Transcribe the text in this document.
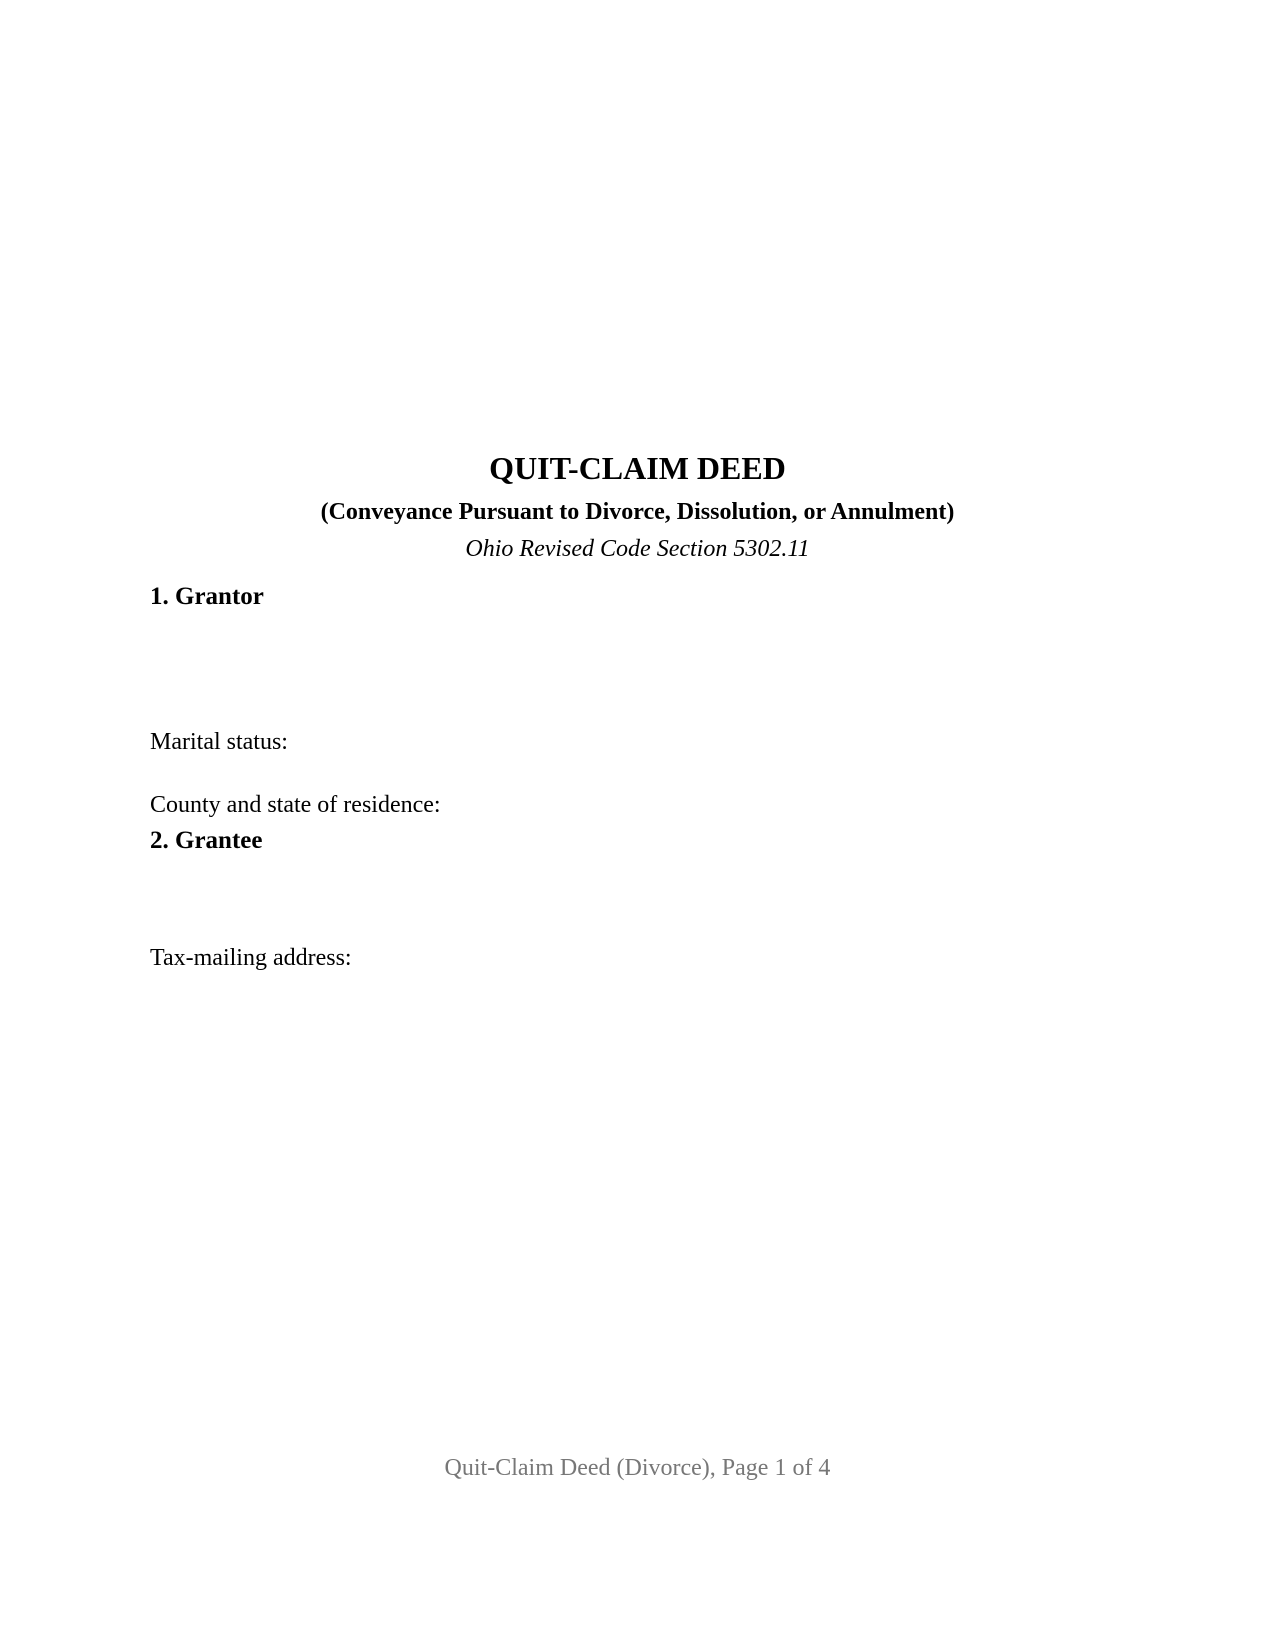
QUIT-CLAIM DEED
(Conveyance Pursuant to Divorce, Dissolution, or Annulment)
Ohio Revised Code Section 5302.11
1. Grantor
Marital status:
County and state of residence:
2. Grantee
Tax-mailing address:
Quit-Claim Deed (Divorce), Page 1 of 4
